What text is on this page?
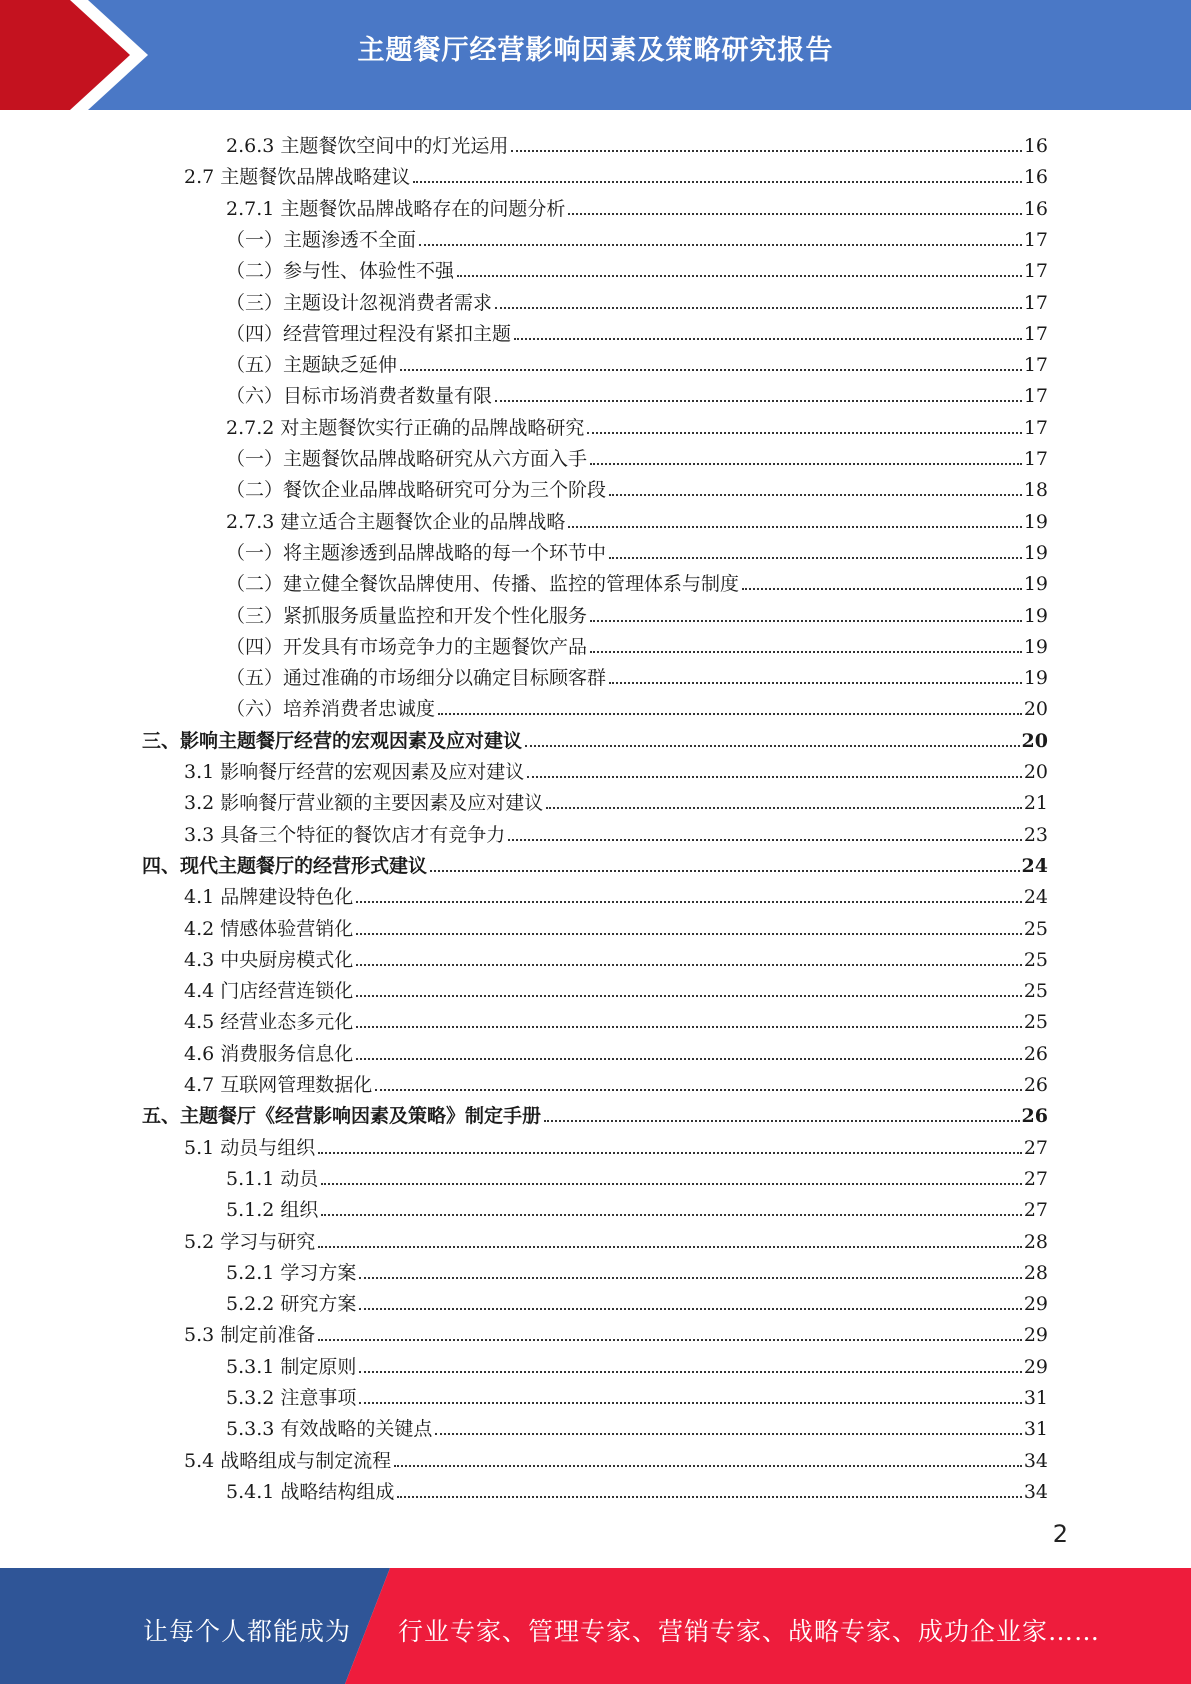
主题餐厅经营影响因素及策略研究报告
2.6.3 主题餐饮空间中的灯光运用	16
2.7 主题餐饮品牌战略建议	16
2.7.1 主题餐饮品牌战略存在的问题分析	16
（一）主题渗透不全面	17
（二）参与性、体验性不强	17
（三）主题设计忽视消费者需求	17
（四）经营管理过程没有紧扣主题	17
（五）主题缺乏延伸	17
（六）目标市场消费者数量有限	17
2.7.2 对主题餐饮实行正确的品牌战略研究	17
（一）主题餐饮品牌战略研究从六方面入手	17
（二）餐饮企业品牌战略研究可分为三个阶段	18
2.7.3 建立适合主题餐饮企业的品牌战略	19
（一）将主题渗透到品牌战略的每一个环节中	19
（二）建立健全餐饮品牌使用、传播、监控的管理体系与制度	19
（三）紧抓服务质量监控和开发个性化服务	19
（四）开发具有市场竞争力的主题餐饮产品	19
（五）通过准确的市场细分以确定目标顾客群	19
（六）培养消费者忠诚度	20
三、影响主题餐厅经营的宏观因素及应对建议	20
3.1 影响餐厅经营的宏观因素及应对建议	20
3.2 影响餐厅营业额的主要因素及应对建议	21
3.3 具备三个特征的餐饮店才有竞争力	23
四、现代主题餐厅的经营形式建议	24
4.1 品牌建设特色化	24
4.2 情感体验营销化	25
4.3 中央厨房模式化	25
4.4 门店经营连锁化	25
4.5 经营业态多元化	25
4.6 消费服务信息化	26
4.7 互联网管理数据化	26
五、主题餐厅《经营影响因素及策略》制定手册	26
5.1 动员与组织	27
5.1.1 动员	27
5.1.2 组织	27
5.2 学习与研究	28
5.2.1 学习方案	28
5.2.2 研究方案	29
5.3 制定前准备	29
5.3.1 制定原则	29
5.3.2 注意事项	31
5.3.3 有效战略的关键点	31
5.4 战略组成与制定流程	34
5.4.1 战略结构组成	34
2
让每个人都能成为 行业专家、管理专家、营销专家、战略专家、成功企业家……
